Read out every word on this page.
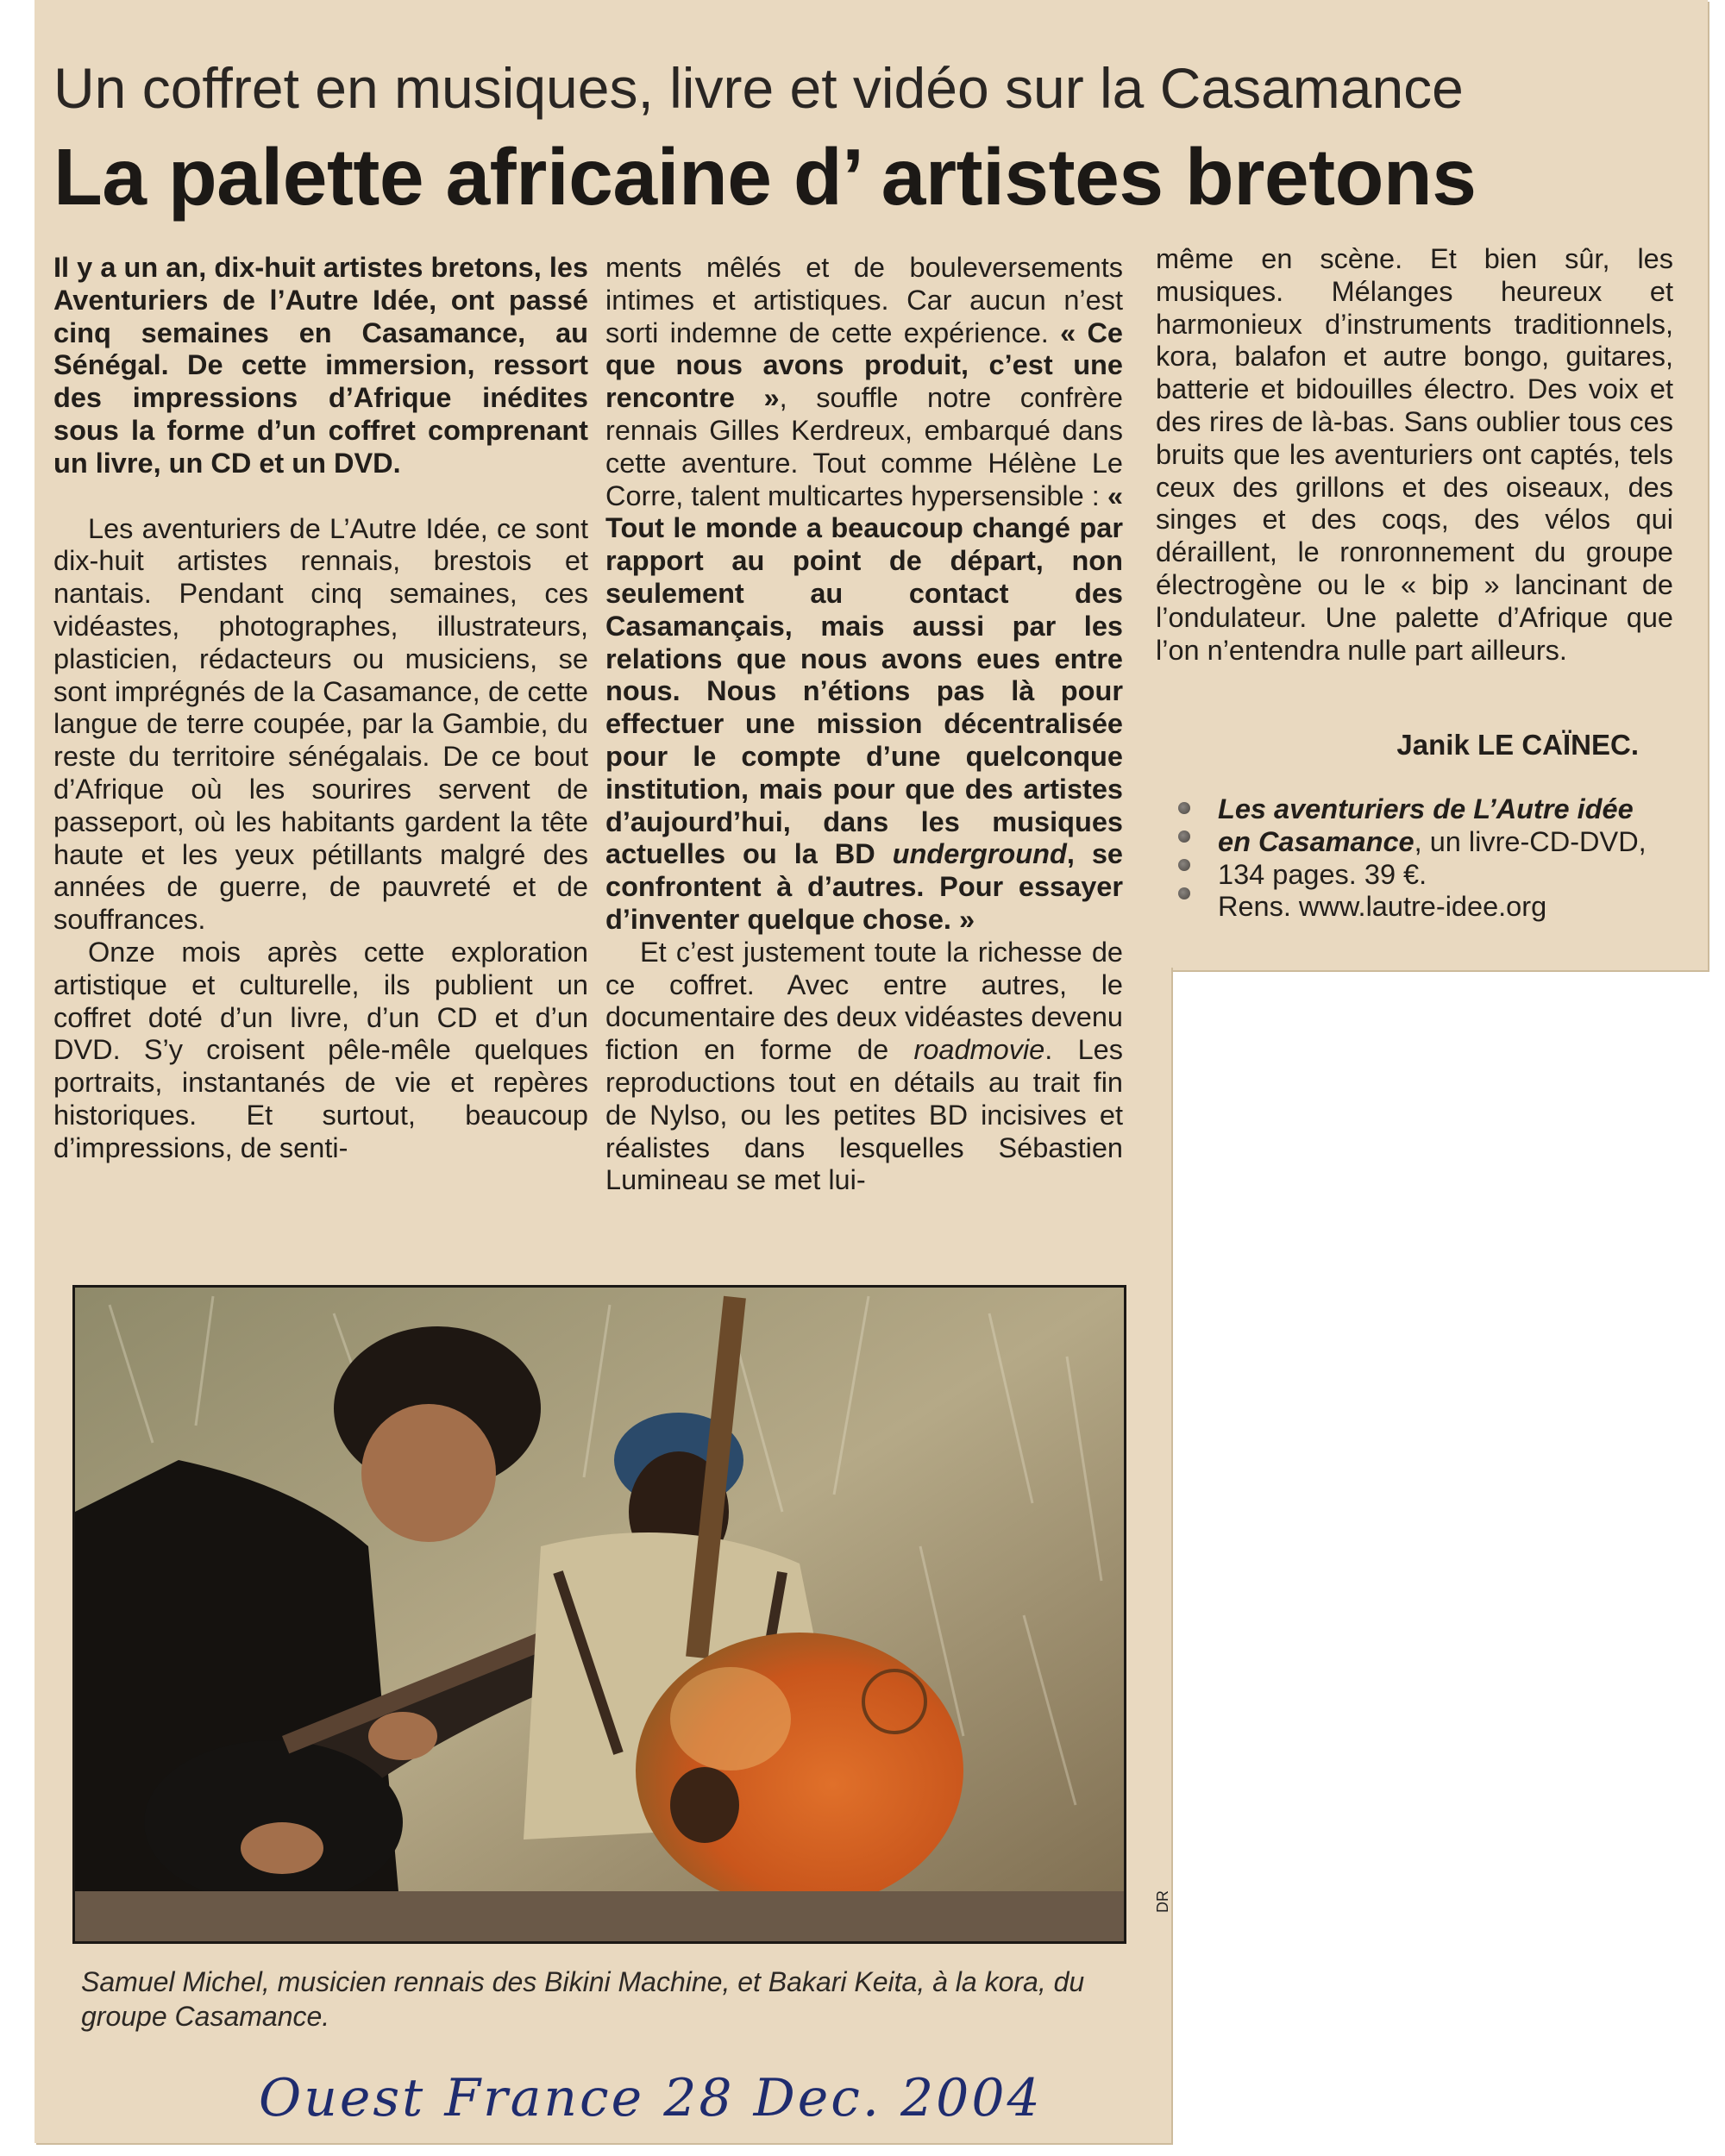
Un coffret en musiques, livre et vidéo sur la Casamance
La palette africaine d’ artistes bretons

Il y a un an, dix-huit artistes bretons, les Aventuriers de l’Autre Idée, ont passé cinq semaines en Casamance, au Sénégal. De cette immersion, ressort des impressions d’Afrique inédites sous la forme d’un coffret comprenant un livre, un CD et un DVD.

Les aventuriers de L’Autre Idée, ce sont dix-huit artistes rennais, brestois et nantais. Pendant cinq semaines, ces vidéastes, photographes, illustrateurs, plasticien, rédacteurs ou musiciens, se sont imprégnés de la Casamance, de cette langue de terre coupée, par la Gambie, du reste du territoire sénégalais. De ce bout d’Afrique où les sourires servent de passeport, où les habitants gardent la tête haute et les yeux pétillants malgré des années de guerre, de pauvreté et de souffrances.

Onze mois après cette exploration artistique et culturelle, ils publient un coffret doté d’un livre, d’un CD et d’un DVD. S’y croisent pêle-mêle quelques portraits, instantanés de vie et repères historiques. Et surtout, beaucoup d’impressions, de senti-

ments mêlés et de bouleversements intimes et artistiques. Car aucun n’est sorti indemne de cette expérience. « Ce que nous avons produit, c’est une rencontre », souffle notre confrère rennais Gilles Kerdreux, embarqué dans cette aventure. Tout comme Hélène Le Corre, talent multicartes hypersensible : « Tout le monde a beaucoup changé par rapport au point de départ, non seulement au contact des Casamançais, mais aussi par les relations que nous avons eues entre nous. Nous n’étions pas là pour effectuer une mission décentralisée pour le compte d’une quelconque institution, mais pour que des artistes d’aujourd’hui, dans les musiques actuelles ou la BD underground, se confrontent à d’autres. Pour essayer d’inventer quelque chose. »

Et c’est justement toute la richesse de ce coffret. Avec entre autres, le documentaire des deux vidéastes devenu fiction en forme de roadmovie. Les reproductions tout en détails au trait fin de Nylso, ou les petites BD incisives et réalistes dans lesquelles Sébastien Lumineau se met lui-

même en scène. Et bien sûr, les musiques. Mélanges heureux et harmonieux d’instruments traditionnels, kora, balafon et autre bongo, guitares, batterie et bidouilles électro. Des voix et des rires de là-bas. Sans oublier tous ces bruits que les aventuriers ont captés, tels ceux des grillons et des oiseaux, des singes et des coqs, des vélos qui déraillent, le ronronnement du groupe électrogène ou le « bip » lancinant de l’ondulateur. Une palette d’Afrique que l’on n’entendra nulle part ailleurs.

Janik LE CAÏNEC.
Les aventuriers de L’Autre idée en Casamance, un livre-CD-DVD, 134 pages. 39 €.
Rens. www.lautre-idee.org
DR
Samuel Michel, musicien rennais des Bikini Machine, et Bakari Keita, à la kora, du groupe Casamance.
Ouest France 28 Dec. 2004
